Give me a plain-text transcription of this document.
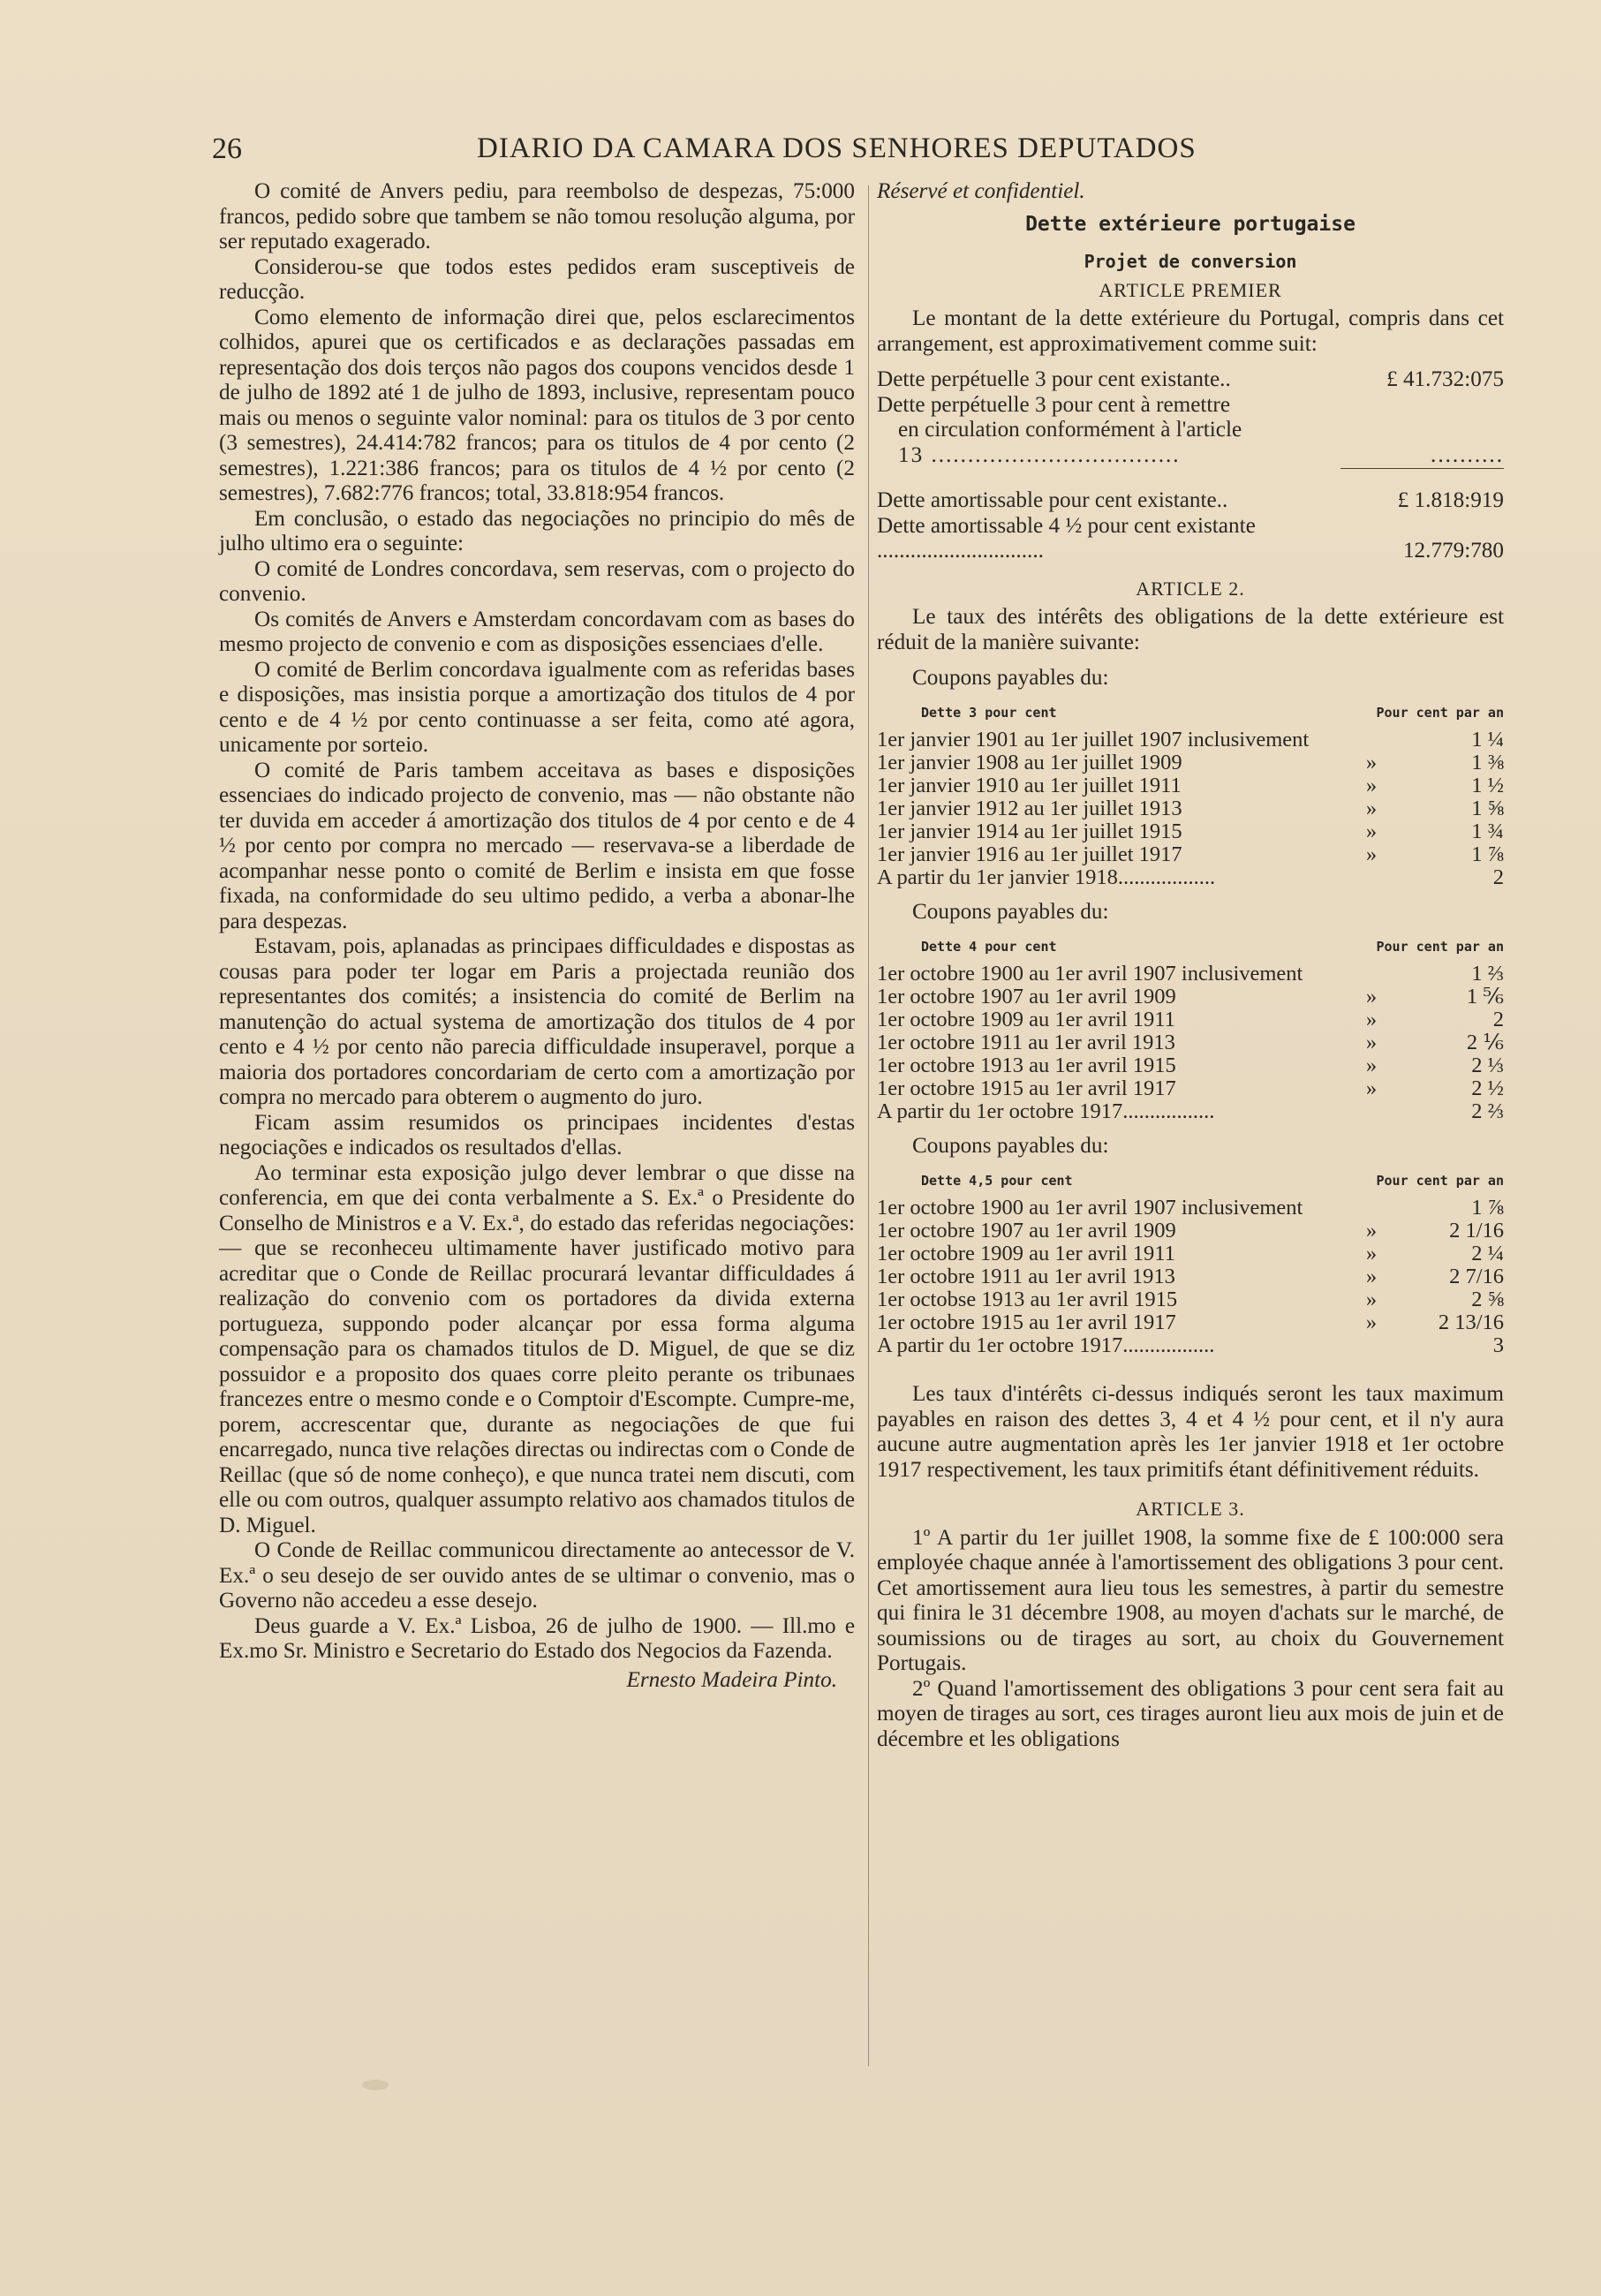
26	DIARIO DA CAMARA DOS SENHORES DEPUTADOS

O comité de Anvers pediu, para reembolso de despezas, 75:000 francos, pedido sobre que tambem se não tomou resolução alguma, por ser reputado exagerado.

Considerou-se que todos estes pedidos eram susceptiveis de reducção.

Como elemento de informação direi que, pelos esclarecimentos colhidos, apurei que os certificados e as declarações passadas em representação dos dois terços não pagos dos coupons vencidos desde 1 de julho de 1892 até 1 de julho de 1893, inclusive, representam pouco mais ou menos o seguinte valor nominal: para os titulos de 3 por cento (3 semestres), 24.414:782 francos; para os titulos de 4 por cento (2 semestres), 1.221:386 francos; para os titulos de 4 ½ por cento (2 semestres), 7.682:776 francos; total, 33.818:954 francos.

Em conclusão, o estado das negociações no principio do mês de julho ultimo era o seguinte:

O comité de Londres concordava, sem reservas, com o projecto do convenio.

Os comités de Anvers e Amsterdam concordavam com as bases do mesmo projecto de convenio e com as disposições essenciaes d'elle.

O comité de Berlim concordava igualmente com as referidas bases e disposições, mas insistia porque a amortização dos titulos de 4 por cento e de 4 ½ por cento continuasse a ser feita, como até agora, unicamente por sorteio.

O comité de Paris tambem acceitava as bases e disposições essenciaes do indicado projecto de convenio, mas — não obstante não ter duvida em acceder á amortização dos titulos de 4 por cento e de 4 ½ por cento por compra no mercado — reservava-se a liberdade de acompanhar nesse ponto o comité de Berlim e insista em que fosse fixada, na conformidade do seu ultimo pedido, a verba a abonar-lhe para despezas.

Estavam, pois, aplanadas as principaes difficuldades e dispostas as cousas para poder ter logar em Paris a projectada reunião dos representantes dos comités; a insistencia do comité de Berlim na manutenção do actual systema de amortização dos titulos de 4 por cento e 4 ½ por cento não parecia difficuldade insuperavel, porque a maioria dos portadores concordariam de certo com a amortização por compra no mercado para obterem o augmento do juro.

Ficam assim resumidos os principaes incidentes d'estas negociações e indicados os resultados d'ellas.

Ao terminar esta exposição julgo dever lembrar o que disse na conferencia, em que dei conta verbalmente a S. Ex.ª o Presidente do Conselho de Ministros e a V. Ex.ª, do estado das referidas negociações: — que se reconheceu ultimamente haver justificado motivo para acreditar que o Conde de Reillac procurará levantar difficuldades á realização do convenio com os portadores da divida externa portugueza, suppondo poder alcançar por essa forma alguma compensação para os chamados titulos de D. Miguel, de que se diz possuidor e a proposito dos quaes corre pleito perante os tribunaes francezes entre o mesmo conde e o Comptoir d'Escompte. Cumpre-me, porem, accrescentar que, durante as negociações de que fui encarregado, nunca tive relações directas ou indirectas com o Conde de Reillac (que só de nome conheço), e que nunca tratei nem discuti, com elle ou com outros, qualquer assumpto relativo aos chamados titulos de D. Miguel.

O Conde de Reillac communicou directamente ao antecessor de V. Ex.ª o seu desejo de ser ouvido antes de se ultimar o convenio, mas o Governo não accedeu a esse desejo.

Deus guarde a V. Ex.ª Lisboa, 26 de julho de 1900. — Ill.mo e Ex.mo Sr. Ministro e Secretario do Estado dos Negocios da Fazenda.

Ernesto Madeira Pinto.

Réservé et confidentiel.
Dette extérieure portugaise
Projet de conversion
ARTICLE PREMIER

Le montant de la dette extérieure du Portugal, compris dans cet arrangement, est approximativement comme suit:

Dette perpétuelle 3 pour cent existante..	£ 41.732:075
Dette perpétuelle 3 pour cent à remettre	
en circulation conformément à l'article	
13 ..................................	..........

Dette amortissable pour cent existante..	£ 1.818:919
Dette amortissable 4 ½ pour cent existante ..............................	12.779:780
ARTICLE 2.

Le taux des intérêts des obligations de la dette extérieure est réduit de la manière suivante:

Coupons payables du:
Dette 3 pour cent	Pour cent par an
1er janvier 1901 au 1er juillet 1907 inclusivement	1 ¼
1er janvier 1908 au 1er juillet 1909	»	1 ⅜
1er janvier 1910 au 1er juillet 1911	»	1 ½
1er janvier 1912 au 1er juillet 1913	»	1 ⅝
1er janvier 1914 au 1er juillet 1915	»	1 ¾
1er janvier 1916 au 1er juillet 1917	»	1 ⅞
A partir du 1er janvier 1918..................	2
Coupons payables du:
Dette 4 pour cent	Pour cent par an
1er octobre 1900 au 1er avril 1907 inclusivement	1 ⅔
1er octobre 1907 au 1er avril 1909	»	1 ⅚
1er octobre 1909 au 1er avril 1911	»	2
1er octobre 1911 au 1er avril 1913	»	2 ⅙
1er octobre 1913 au 1er avril 1915	»	2 ⅓
1er octobre 1915 au 1er avril 1917	»	2 ½
A partir du 1er octobre 1917.................	2 ⅔
Coupons payables du:
Dette 4,5 pour cent	Pour cent par an
1er octobre 1900 au 1er avril 1907 inclusivement	1 ⅞
1er octobre 1907 au 1er avril 1909	»	2 1/16
1er octobre 1909 au 1er avril 1911	»	2 ¼
1er octobre 1911 au 1er avril 1913	»	2 7/16
1er octobse 1913 au 1er avril 1915	»	2 ⅝
1er octobre 1915 au 1er avril 1917	»	2 13/16
A partir du 1er octobre 1917.................	3

Les taux d'intérêts ci-dessus indiqués seront les taux maximum payables en raison des dettes 3, 4 et 4 ½ pour cent, et il n'y aura aucune autre augmentation après les 1er janvier 1918 et 1er octobre 1917 respectivement, les taux primitifs étant définitivement réduits.

ARTICLE 3.

1º A partir du 1er juillet 1908, la somme fixe de £ 100:000 sera employée chaque année à l'amortissement des obligations 3 pour cent. Cet amortissement aura lieu tous les semestres, à partir du semestre qui finira le 31 décembre 1908, au moyen d'achats sur le marché, de soumissions ou de tirages au sort, au choix du Gouvernement Portugais.

2º Quand l'amortissement des obligations 3 pour cent sera fait au moyen de tirages au sort, ces tirages auront lieu aux mois de juin et de décembre et les obligations
